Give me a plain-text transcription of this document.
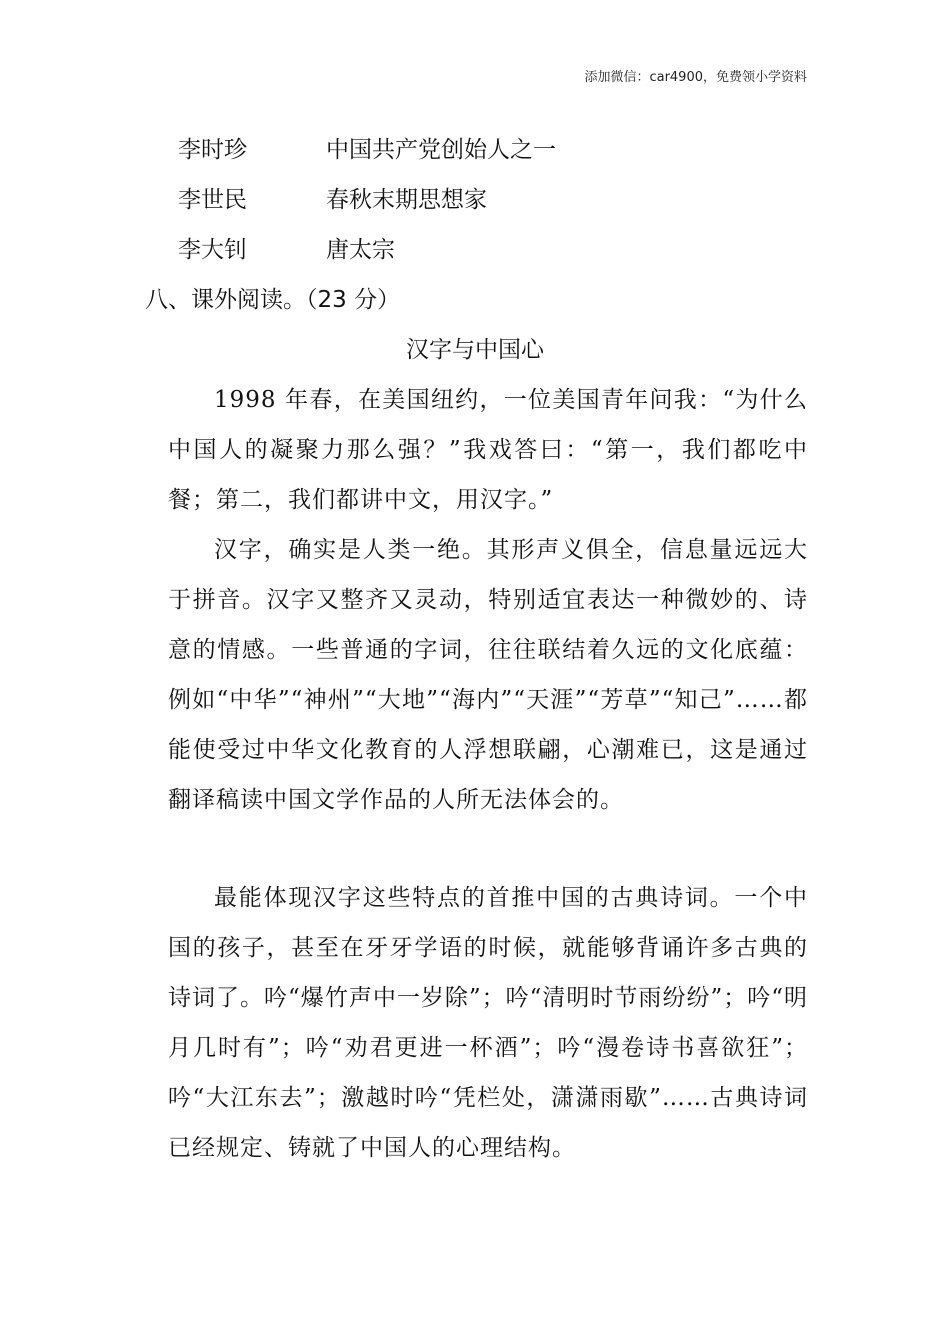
添加微信：car4900，免费领小学资料
李时珍	中国共产党创始人之一
李世民	春秋末期思想家
李大钊	唐太宗
八、课外阅读。（23 分）
汉字与中国心

1998 年春，在美国纽约，一位美国青年问我：“为什么中国人的凝聚力那么强？”我戏答曰：“第一，我们都吃中餐；第二，我们都讲中文，用汉字。”

汉字，确实是人类一绝。其形声义俱全，信息量远远大于拼音。汉字又整齐又灵动，特别适宜表达一种微妙的、诗意的情感。一些普通的字词，往往联结着久远的文化底蕴：例如“中华”“神州”“大地”“海内”“天涯”“芳草”“知己”……都能使受过中华文化教育的人浮想联翩，心潮难已，这是通过翻译稿读中国文学作品的人所无法体会的。

最能体现汉字这些特点的首推中国的古典诗词。一个中国的孩子，甚至在牙牙学语的时候，就能够背诵许多古典的诗词了。吟“爆竹声中一岁除”；吟“清明时节雨纷纷”；吟“明月几时有”；吟“劝君更进一杯酒”；吟“漫卷诗书喜欲狂”；吟“大江东去”；激越时吟“凭栏处，潇潇雨歇”……古典诗词已经规定、铸就了中国人的心理结构。
